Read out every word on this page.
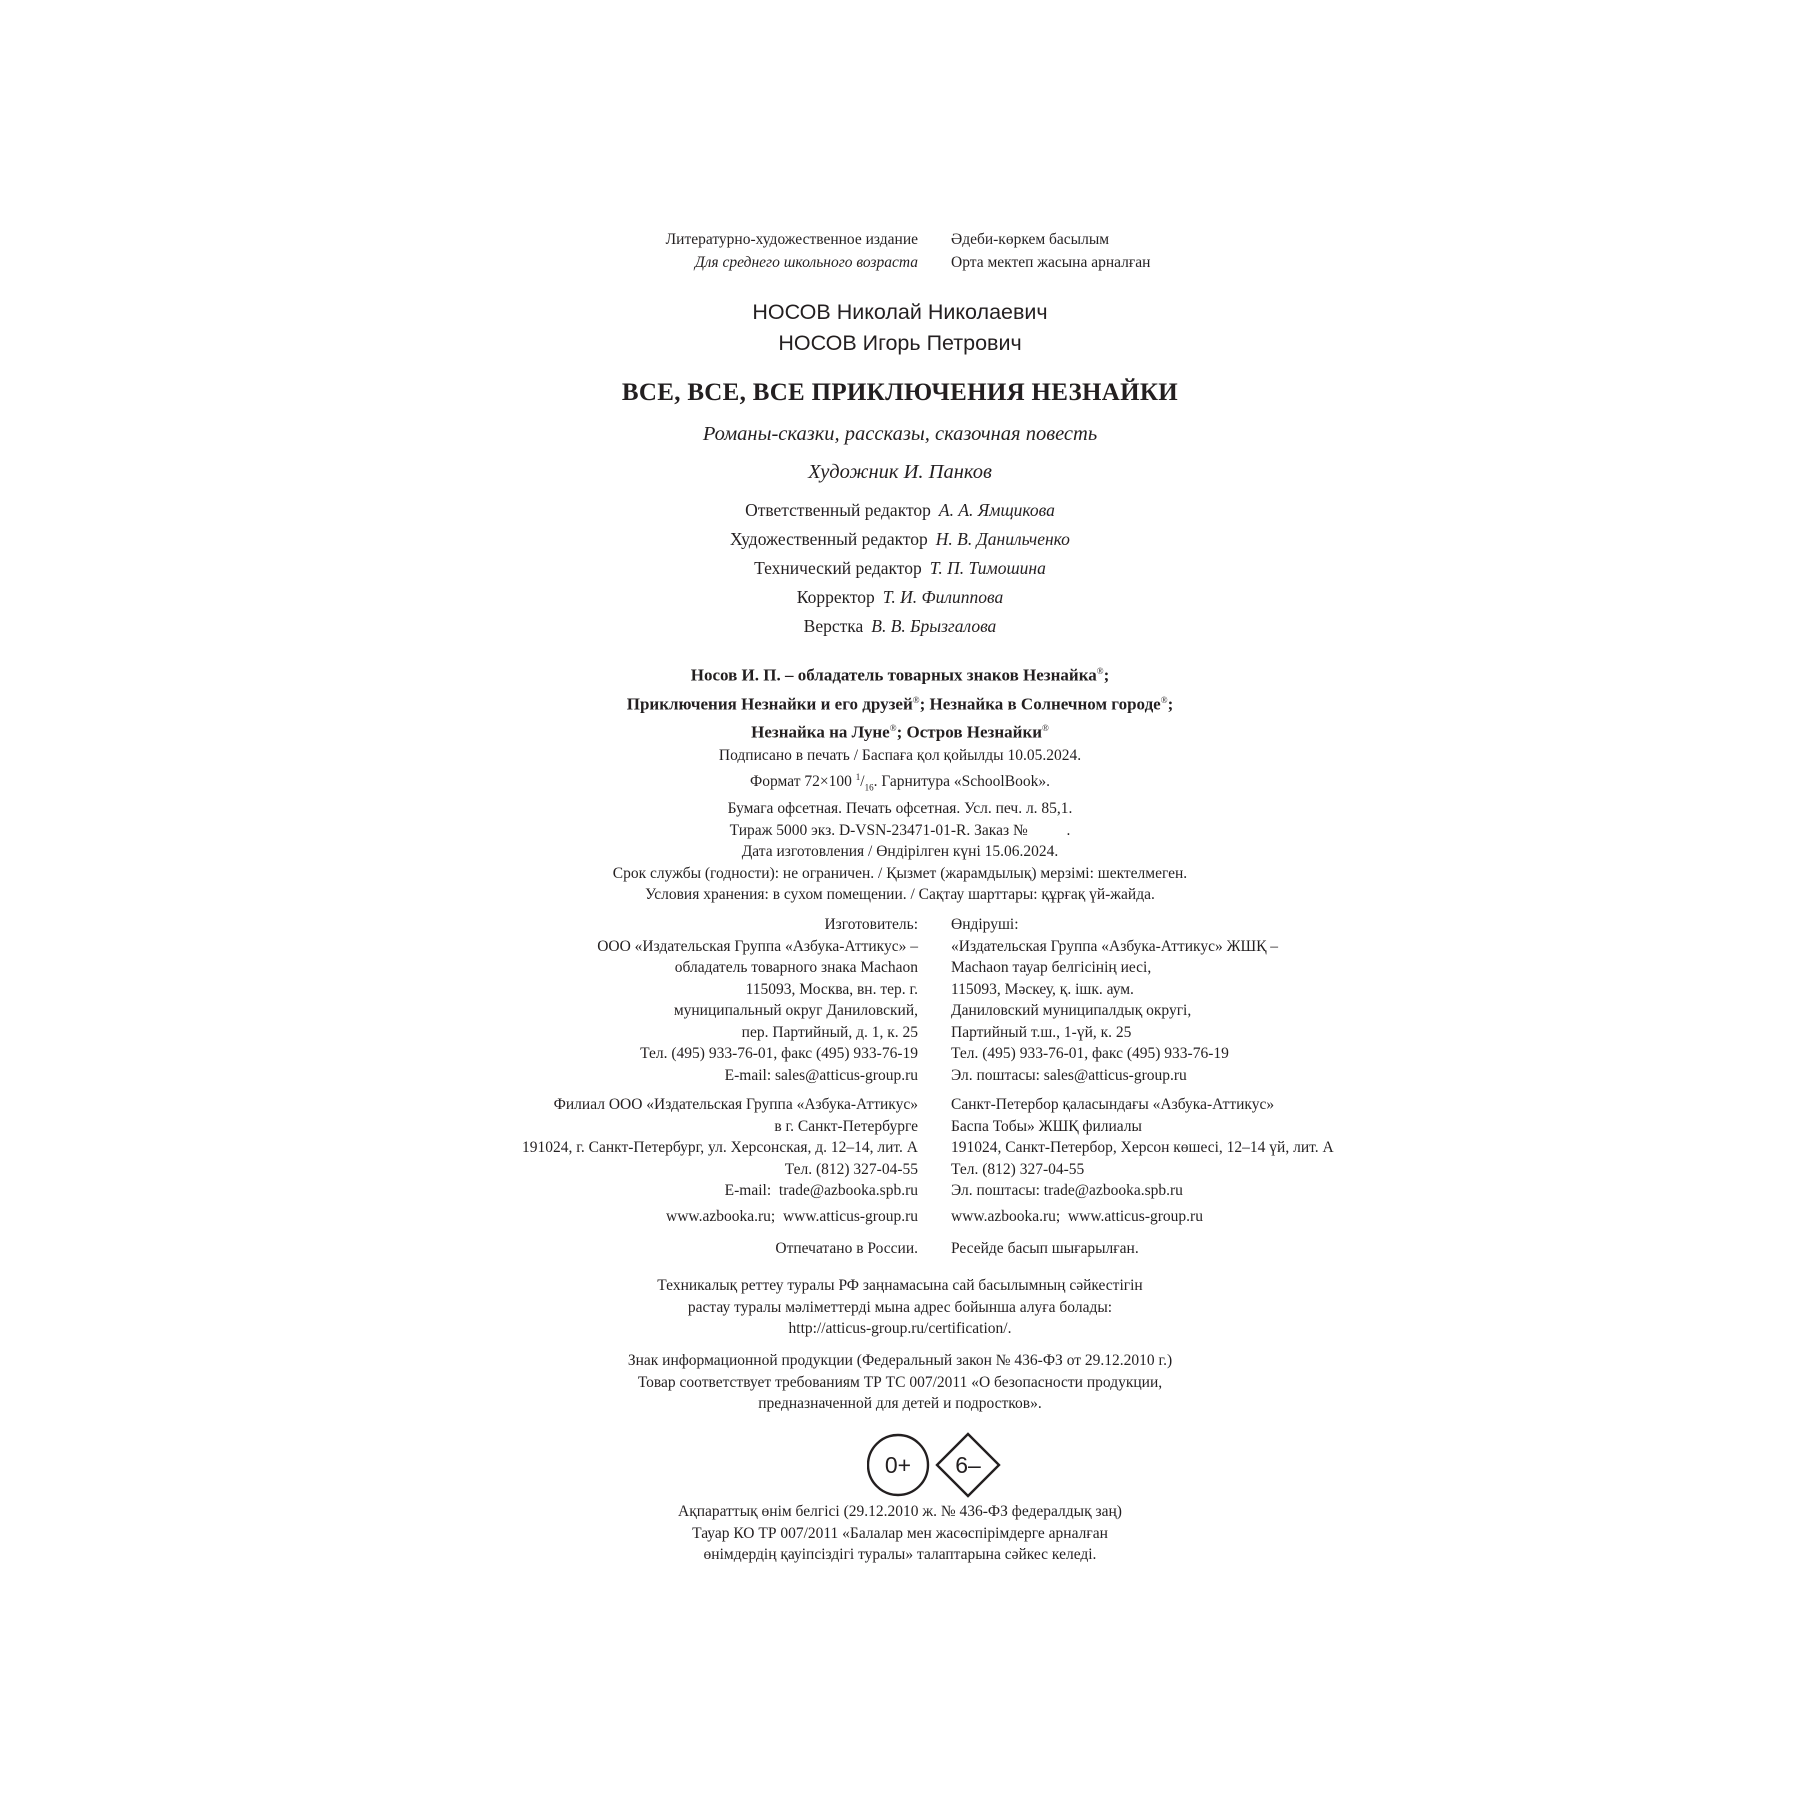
Литературно-художественное издание
Для среднего школьного возраста
Әдеби-көркем басылым
Орта мектеп жасына арналған
НОСОВ Николай Николаевич
НОСОВ Игорь Петрович
ВСЕ, ВСЕ, ВСЕ ПРИКЛЮЧЕНИЯ НЕЗНАЙКИ
Романы-сказки, рассказы, сказочная повесть
Художник И. Панков
Ответственный редактор А. А. Ямщикова
Художественный редактор Н. В. Данильченко
Технический редактор Т. П. Тимошина
Корректор Т. И. Филиппова
Верстка В. В. Брызгалова
Носов И. П. – обладатель товарных знаков Незнайка®;
Приключения Незнайки и его друзей®; Незнайка в Солнечном городе®;
Незнайка на Луне®; Остров Незнайки®
Подписано в печать / Баспаға қол қойылды 10.05.2024.
Формат 72×100 $^1/_{16}$. Гарнитура «SchoolBook».
Бумага офсетная. Печать офсетная. Усл. печ. л. 85,1.
Тираж 5000 экз. D-VSN-23471-01-R. Заказ №          .
Дата изготовления / Өндірілген күні 15.06.2024.
Срок службы (годности): не ограничен. / Қызмет (жарамдылық) мерзімі: шектелмеген.
Условия хранения: в сухом помещении. / Сақтау шарттары: құрғақ үй-жайда.
Изготовитель:
ООО «Издательская Группа «Азбука-Аттикус» –
обладатель товарного знака Machaon
115093, Москва, вн. тер. г.
муниципальный округ Даниловский,
пер. Партийный, д. 1, к. 25
Тел. (495) 933-76-01, факс (495) 933-76-19
E-mail: sales@atticus-group.ru
Өндіруші:
«Издательская Группа «Азбука-Аттикус» ЖШҚ –
Machaon тауар белгісінің иесі,
115093, Мәскеу, қ. ішк. аум.
Даниловский муниципалдық округі,
Партийный т.ш., 1-үй, к. 25
Тел. (495) 933-76-01, факс (495) 933-76-19
Эл. поштасы: sales@atticus-group.ru
Филиал ООО «Издательская Группа «Азбука-Аттикус»
в г. Санкт-Петербурге
191024, г. Санкт-Петербург, ул. Херсонская, д. 12–14, лит. А
Тел. (812) 327-04-55
E-mail:  trade@azbooka.spb.ru
Санкт-Петербор қаласындағы «Азбука-Аттикус»
Баспа Тобы» ЖШҚ филиалы
191024, Санкт-Петербор, Херсон көшесі, 12–14 үй, лит. А
Тел. (812) 327-04-55
Эл. поштасы: trade@azbooka.spb.ru
www.azbooka.ru;  www.atticus-group.ru www.azbooka.ru;  www.atticus-group.ru
Отпечатано в России. Ресейде басып шығарылған.
Техникалық реттеу туралы РФ заңнамасына сай басылымның сәйкестігін
растау туралы мәліметтерді мына адрес бойынша алуға болады:
http://atticus-group.ru/certification/.
Знак информационной продукции (Федеральный закон № 436-ФЗ от 29.12.2010 г.)
Товар соответствует требованиям ТР ТС 007/2011 «О безопасности продукции,
предназначенной для детей и подростков».
0+ 6–
Ақпараттық өнім белгісі (29.12.2010 ж. № 436-ФЗ федералдық заң)
Тауар КО ТР 007/2011 «Балалар мен жасөспірімдерге арналған
өнімдердің қауіпсіздігі туралы» талаптарына сәйкес келеді.
